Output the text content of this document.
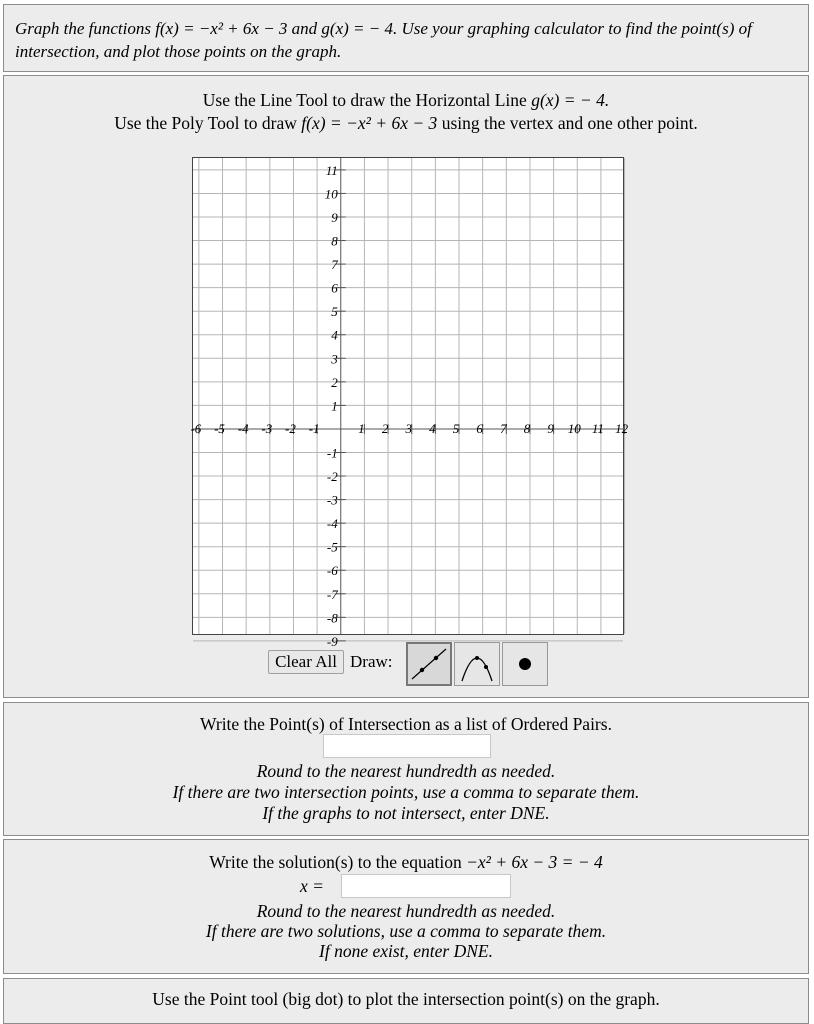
Graph the functions f(x) = −x² + 6x − 3 and g(x) = − 4. Use your graphing calculator to find the point(s) of intersection, and plot those points on the graph.
Use the Line Tool to draw the Horizontal Line g(x) = − 4.
Use the Poly Tool to draw f(x) = −x² + 6x − 3 using the vertex and one other point.
-6 -5 -4 -3 -2 -1	1 2 3 4 5 6 7 8 9 10 11 12
11
10
9
8
7
6
5
4
3
2
1
-1
-2
-3
-4
-5
-6
-7
-8
-9
Clear All Draw:
Write the Point(s) of Intersection as a list of Ordered Pairs.
Round to the nearest hundredth as needed.
If there are two intersection points, use a comma to separate them.
If the graphs to not intersect, enter DNE.
Write the solution(s) to the equation −x² + 6x − 3 = − 4
x =
Round to the nearest hundredth as needed.
If there are two solutions, use a comma to separate them.
If none exist, enter DNE.
Use the Point tool (big dot) to plot the intersection point(s) on the graph.
